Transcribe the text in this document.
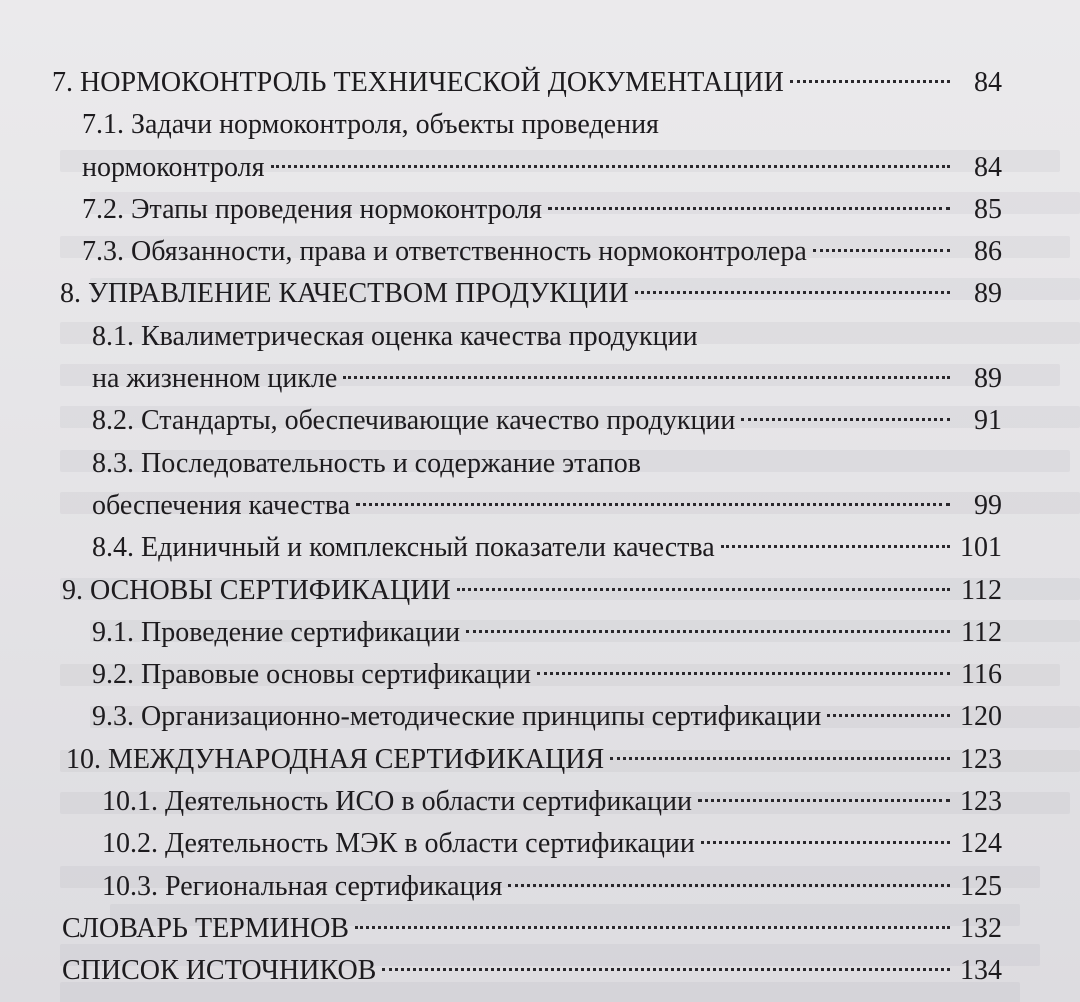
7. НОРМОКОНТРОЛЬ ТЕХНИЧЕСКОЙ ДОКУМЕНТАЦИИ	84
7.1. Задачи нормоконтроля, объекты проведения
нормоконтроля	84
7.2. Этапы проведения нормоконтроля	85
7.3. Обязанности, права и ответственность нормоконтролера	86
8. УПРАВЛЕНИЕ КАЧЕСТВОМ ПРОДУКЦИИ	89
8.1. Квалиметрическая оценка качества продукции
на жизненном цикле	89
8.2. Стандарты, обеспечивающие качество продукции	91
8.3. Последовательность и содержание этапов
обеспечения качества	99
8.4. Единичный и комплексный показатели качества	101
9. ОСНОВЫ СЕРТИФИКАЦИИ	112
9.1. Проведение сертификации	112
9.2. Правовые основы сертификации	116
9.3. Организационно-методические принципы сертификации	120
10. МЕЖДУНАРОДНАЯ СЕРТИФИКАЦИЯ	123
10.1. Деятельность ИСО в области сертификации	123
10.2. Деятельность МЭК в области сертификации	124
10.3. Региональная сертификация	125
СЛОВАРЬ ТЕРМИНОВ	132
СПИСОК ИСТОЧНИКОВ	134
